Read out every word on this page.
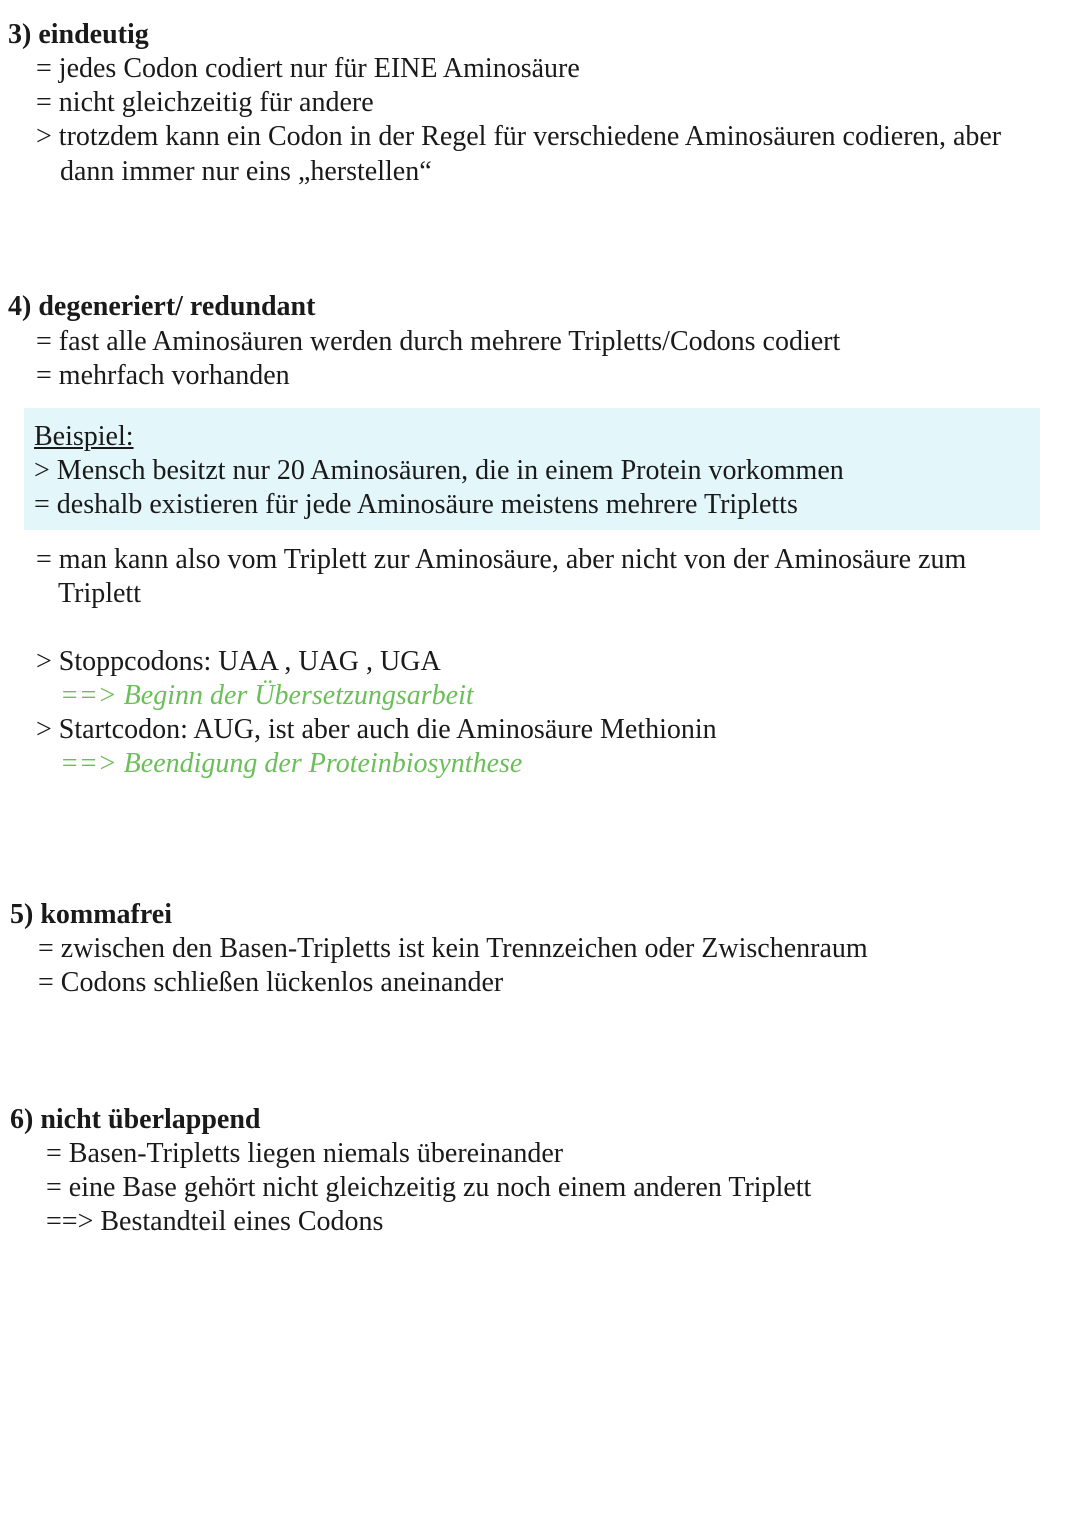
3) eindeutig
= jedes Codon codiert nur für EINE Aminosäure
= nicht gleichzeitig für andere
> trotzdem kann ein Codon in der Regel für verschiedene Aminosäuren codieren, aber
dann immer nur eins „herstellen“
4) degeneriert/ redundant
= fast alle Aminosäuren werden durch mehrere Tripletts/Codons codiert
= mehrfach vorhanden
Beispiel:
> Mensch besitzt nur 20 Aminosäuren, die in einem Protein vorkommen
= deshalb existieren für jede Aminosäure meistens mehrere Tripletts
= man kann also vom Triplett zur Aminosäure, aber nicht von der Aminosäure zum
Triplett
> Stoppcodons: UAA , UAG , UGA
==> Beginn der Übersetzungsarbeit
> Startcodon: AUG, ist aber auch die Aminosäure Methionin
==> Beendigung der Proteinbiosynthese
5) kommafrei
= zwischen den Basen-Tripletts ist kein Trennzeichen oder Zwischenraum
= Codons schließen lückenlos aneinander
6) nicht überlappend
= Basen-Tripletts liegen niemals übereinander
= eine Base gehört nicht gleichzeitig zu noch einem anderen Triplett
==> Bestandteil eines Codons
